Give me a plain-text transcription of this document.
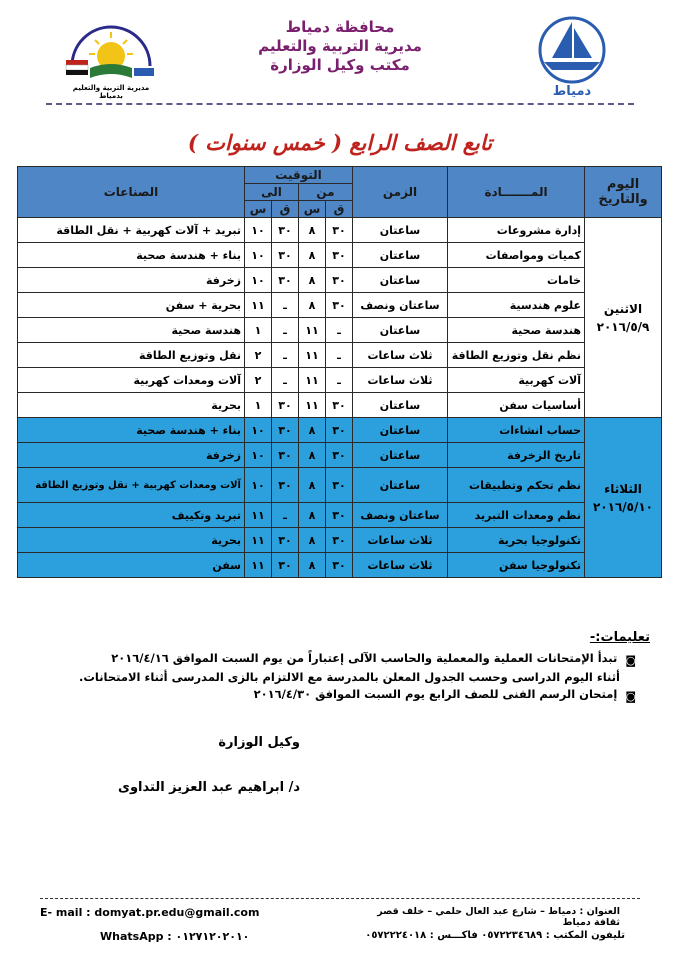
مديرية التربية والتعليم بدمياط	دمياط
محافظة دمياط
مديرية التربية والتعليم
مكتب وكيل الوزارة
تابع الصف الرابع ( خمس سنوات )
اليوم والتاريخ	المـــــــادة	الزمن	التوقيت				الصناعات
			من		الى		
			ق	س	ق	س	

الاثنين
٢٠١٦/٥/٩	إدارة مشروعات	ساعتان	٣٠	٨	٣٠	١٠	تبريد + آلات كهربية + نقل الطاقة
	كميات ومواصفات	ساعتان	٣٠	٨	٣٠	١٠	بناء + هندسة صحية
	خامات	ساعتان	٣٠	٨	٣٠	١٠	زخرفة
	علوم هندسية	ساعتان ونصف	٣٠	٨	ـ	١١	بحرية + سفن
	هندسة صحية	ساعتان	ـ	١١	ـ	١	هندسة صحية
	نظم نقل وتوزيع الطاقة	ثلاث ساعات	ـ	١١	ـ	٢	نقل وتوزيع الطاقة
	آلات كهربية	ثلاث ساعات	ـ	١١	ـ	٢	آلات ومعدات كهربية
	أساسيات سفن	ساعتان	٣٠	١١	٣٠	١	بحرية

الثلاثاء
٢٠١٦/٥/١٠	حساب انشاءات	ساعتان	٣٠	٨	٣٠	١٠	بناء + هندسة صحية
	تاريخ الزخرفة	ساعتان	٣٠	٨	٣٠	١٠	زخرفة
	نظم تحكم وتطبيقات	ساعتان	٣٠	٨	٣٠	١٠	آلات ومعدات كهربية + نقل وتوزيع الطاقة
	نظم ومعدات التبريد	ساعتان ونصف	٣٠	٨	ـ	١١	تبريد وتكييف
	تكنولوجيا بحرية	ثلاث ساعات	٣٠	٨	٣٠	١١	بحرية
	تكنولوجيا سفن	ثلاث ساعات	٣٠	٨	٣٠	١١	سفن
تعليمات:-
◙
تبدأ الإمتحانات العملية والمعملية والحاسب الآلى إعتباراً من يوم السبت الموافق ٢٠١٦/٤/١٦
أثناء اليوم الدراسى وحسب الجدول المعلن بالمدرسة مع الالتزام بالزى المدرسى أثناء الامتحانات.
◙
إمتحان الرسم الفنى للصف الرابع يوم السبت الموافق ٢٠١٦/٤/٣٠
وكيل الوزارة
د/ ابراهيم عبد العزيز التداوى
العنوان : دمياط – شارع عبد العال حلمي – خلف قصر ثقافة دمياط
E- mail : domyat.pr.edu@gmail.com
تليفون المكتب : ٠٥٧٢٢٣٤٦٨٩ فاكـــس : ٠٥٧٢٢٢٤٠١٨
WhatsApp : ٠١٢٧١٢٠٢٠١٠
